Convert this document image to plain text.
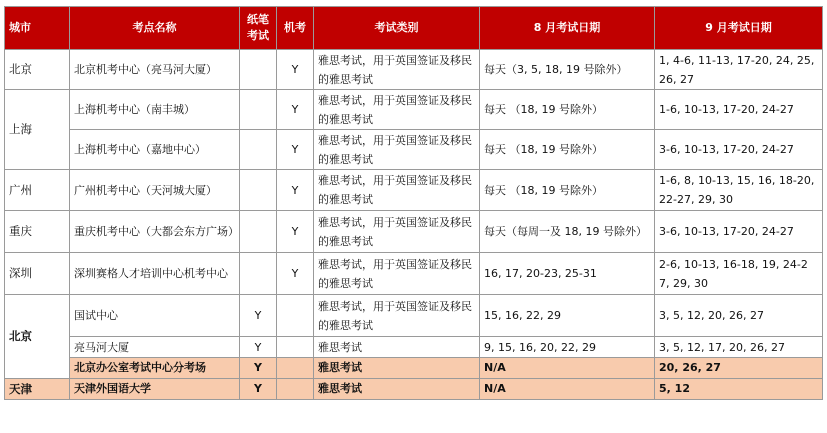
城市	考点名称	纸笔考试	机考	考试类别	8 月考试日期	9 月考试日期
北京	北京机考中心（亮马河大厦）		Y	雅思考试，用于英国签证及移民的雅思考试	每天（3, 5, 18, 19 号除外）	1, 4-6, 11-13, 17-20, 24, 25, 26, 27
上海	上海机考中心（南丰城）		Y	雅思考试，用于英国签证及移民的雅思考试	每天 （18, 19 号除外）	1-6, 10-13, 17-20, 24-27
	上海机考中心（嘉地中心）		Y	雅思考试，用于英国签证及移民的雅思考试	每天 （18, 19 号除外）	3-6, 10-13, 17-20, 24-27
广州	广州机考中心（天河城大厦）		Y	雅思考试，用于英国签证及移民的雅思考试	每天 （18, 19 号除外）	1-6, 8, 10-13, 15, 16, 18-20, 22-27, 29, 30
重庆	重庆机考中心（大都会东方广场）		Y	雅思考试，用于英国签证及移民的雅思考试	每天（每周一及 18, 19 号除外）	3-6, 10-13, 17-20, 24-27
深圳	深圳赛格人才培训中心机考中心		Y	雅思考试，用于英国签证及移民的雅思考试	16, 17, 20-23, 25-31	2-6, 10-13, 16-18, 19, 24-27, 29, 30
北京	国试中心	Y		雅思考试，用于英国签证及移民的雅思考试	15, 16, 22, 29	3, 5, 12, 20, 26, 27
	亮马河大厦	Y		雅思考试	9, 15, 16, 20, 22, 29	3, 5, 12, 17, 20, 26, 27
	北京办公室考试中心分考场	Y		雅思考试	N/A	20, 26, 27
天津	天津外国语大学	Y		雅思考试	N/A	5, 12
